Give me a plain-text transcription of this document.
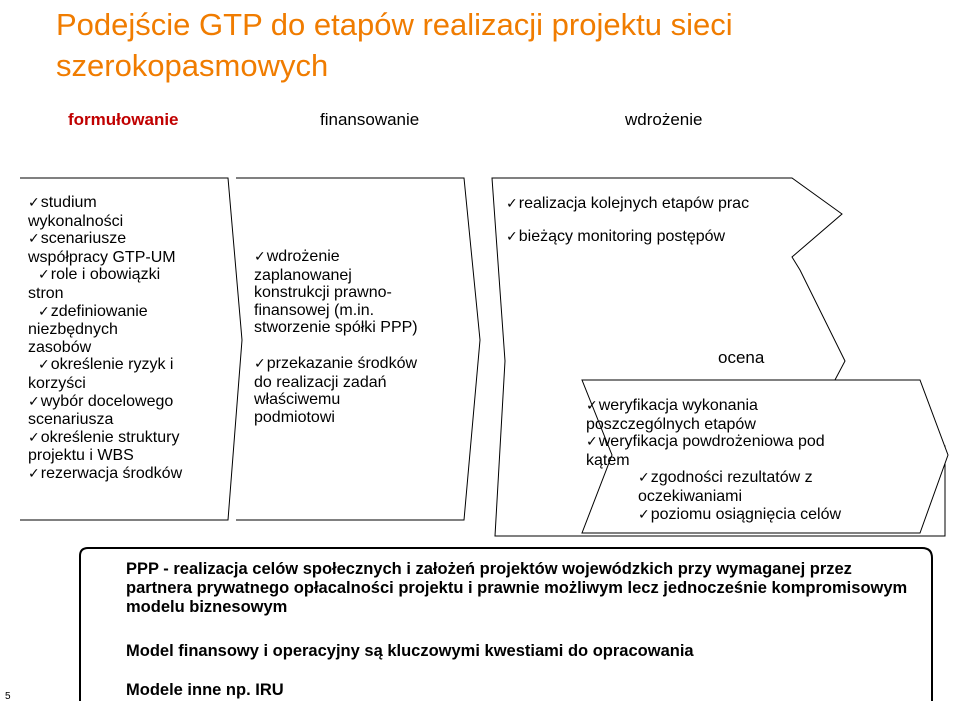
Podejście GTP do etapów realizacji projektu sieci szerokopasmowych
formułowanie	finansowanie	wdrożenie
✓studium
wykonalności
✓scenariusze
współpracy GTP-UM
✓role i obowiązki
stron
✓zdefiniowanie
niezbędnych
zasobów
✓określenie ryzyk i
korzyści
✓wybór docelowego
scenariusza
✓określenie struktury
projektu i WBS
✓rezerwacja środków
✓wdrożenie
zaplanowanej
konstrukcji prawno-
finansowej (m.in.
stworzenie spółki PPP)
✓przekazanie środków
do realizacji zadań
właściwemu
podmiotowi
✓realizacja kolejnych etapów prac
✓bieżący monitoring postępów
ocena
✓weryfikacja wykonania
poszczególnych etapów
✓weryfikacja powdrożeniowa pod
kątem
✓zgodności rezultatów z
oczekiwaniami
✓poziomu osiągnięcia celów

PPP - realizacja celów społecznych i założeń projektów wojewódzkich przy wymaganej przez partnera prywatnego opłacalności projektu i prawnie możliwym lecz jednocześnie kompromisowym modelu biznesowym

Model finansowy i operacyjny są kluczowymi kwestiami do opracowania

Modele inne np. IRU

5
